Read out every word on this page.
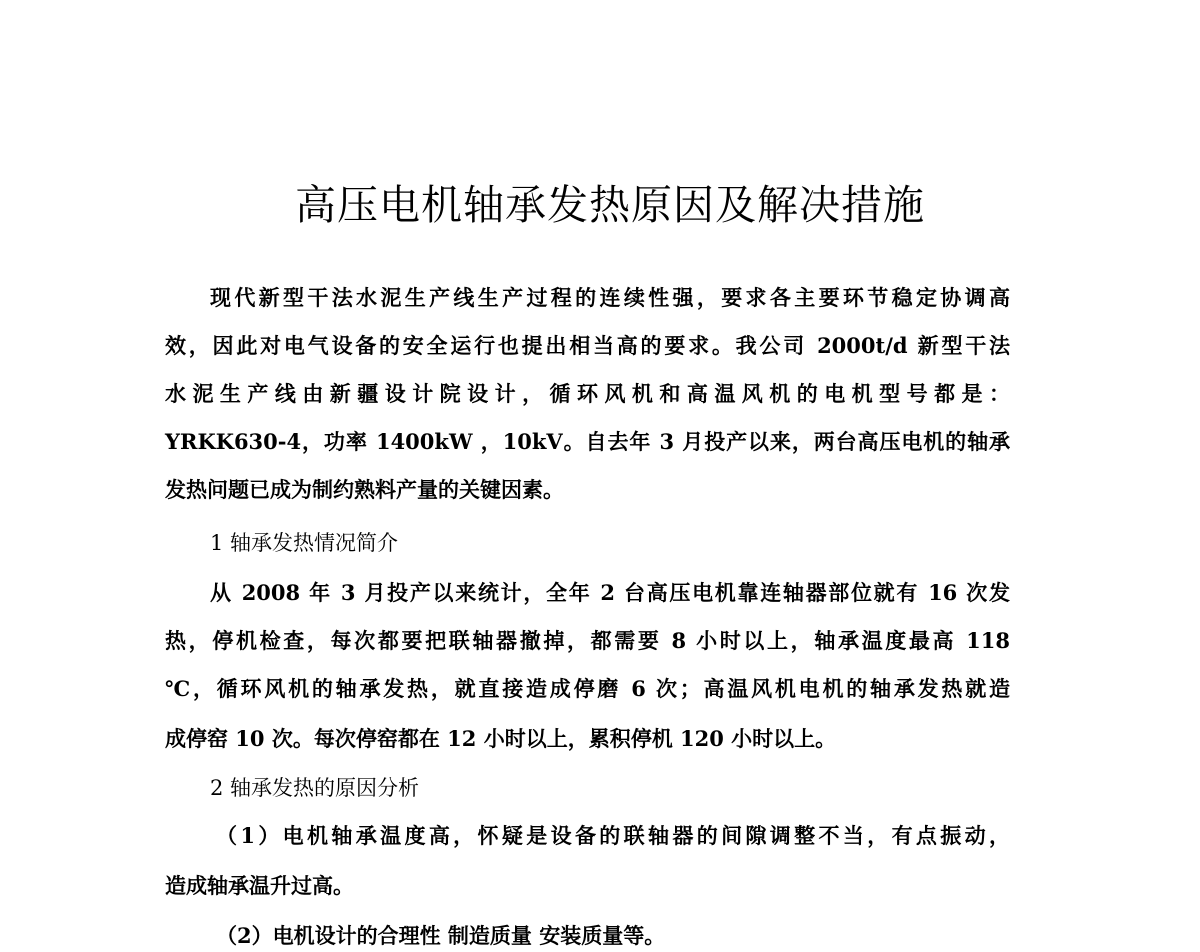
高压电机轴承发热原因及解决措施
现代新型干法水泥生产线生产过程的连续性强，要求各主要环节稳定协调高
效，因此对电气设备的安全运行也提出相当高的要求。我公司 2000t/d 新型干法
水泥生产线由新疆设计院设计，循环风机和高温风机的电机型号都是：
YRKK630-4，功率 1400kW ，10kV。自去年 3 月投产以来，两台高压电机的轴承
发热问题已成为制约熟料产量的关键因素。
1 轴承发热情况简介
从 2008 年 3 月投产以来统计，全年 2 台高压电机靠连轴器部位就有 16 次发
热，停机检查，每次都要把联轴器撤掉，都需要 8 小时以上，轴承温度最高 118
℃，循环风机的轴承发热，就直接造成停磨 6 次；高温风机电机的轴承发热就造
成停窑 10 次。每次停窑都在 12 小时以上，累积停机 120 小时以上。
2 轴承发热的原因分析
（1）电机轴承温度高，怀疑是设备的联轴器的间隙调整不当，有点振动，
造成轴承温升过高。
（2）电机设计的合理性 制造质量 安装质量等。
